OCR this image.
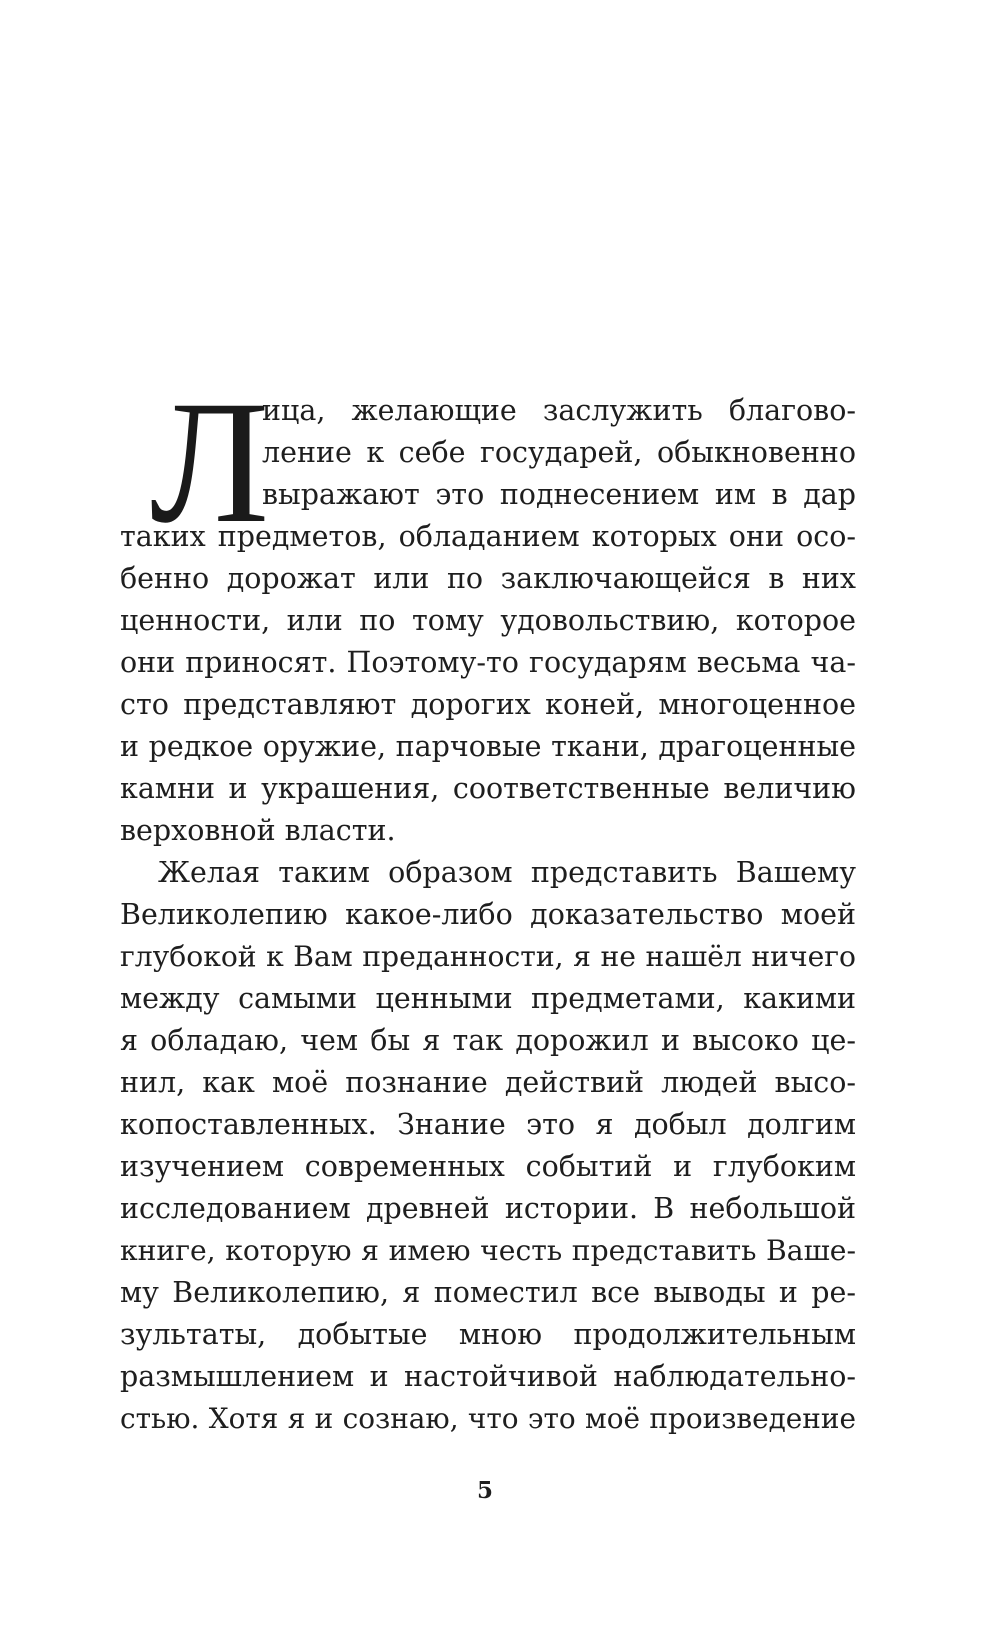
Л
ица, желающие заслужить благово-
ление к себе государей, обыкновенно
выражают это поднесением им в дар
таких предметов, обладанием которых они осо-
бенно дорожат или по заключающейся в них
ценности, или по тому удовольствию, которое
они приносят. Поэтому-то государям весьма ча-
сто представляют дорогих коней, многоценное
и редкое оружие, парчовые ткани, драгоценные
камни и украшения, соответственные величию
верховной власти.
Желая таким образом представить Вашему
Великолепию какое-либо доказательство моей
глубокой к Вам преданности, я не нашёл ничего
между самыми ценными предметами, какими
я обладаю, чем бы я так дорожил и высоко це-
нил, как моё познание действий людей высо-
копоставленных. Знание это я добыл долгим
изучением современных событий и глубоким
исследованием древней истории. В небольшой
книге, которую я имею честь представить Ваше-
му Великолепию, я поместил все выводы и ре-
зультаты, добытые мною продолжительным
размышлением и настойчивой наблюдательно-
стью. Хотя я и сознаю, что это моё произведение
5
